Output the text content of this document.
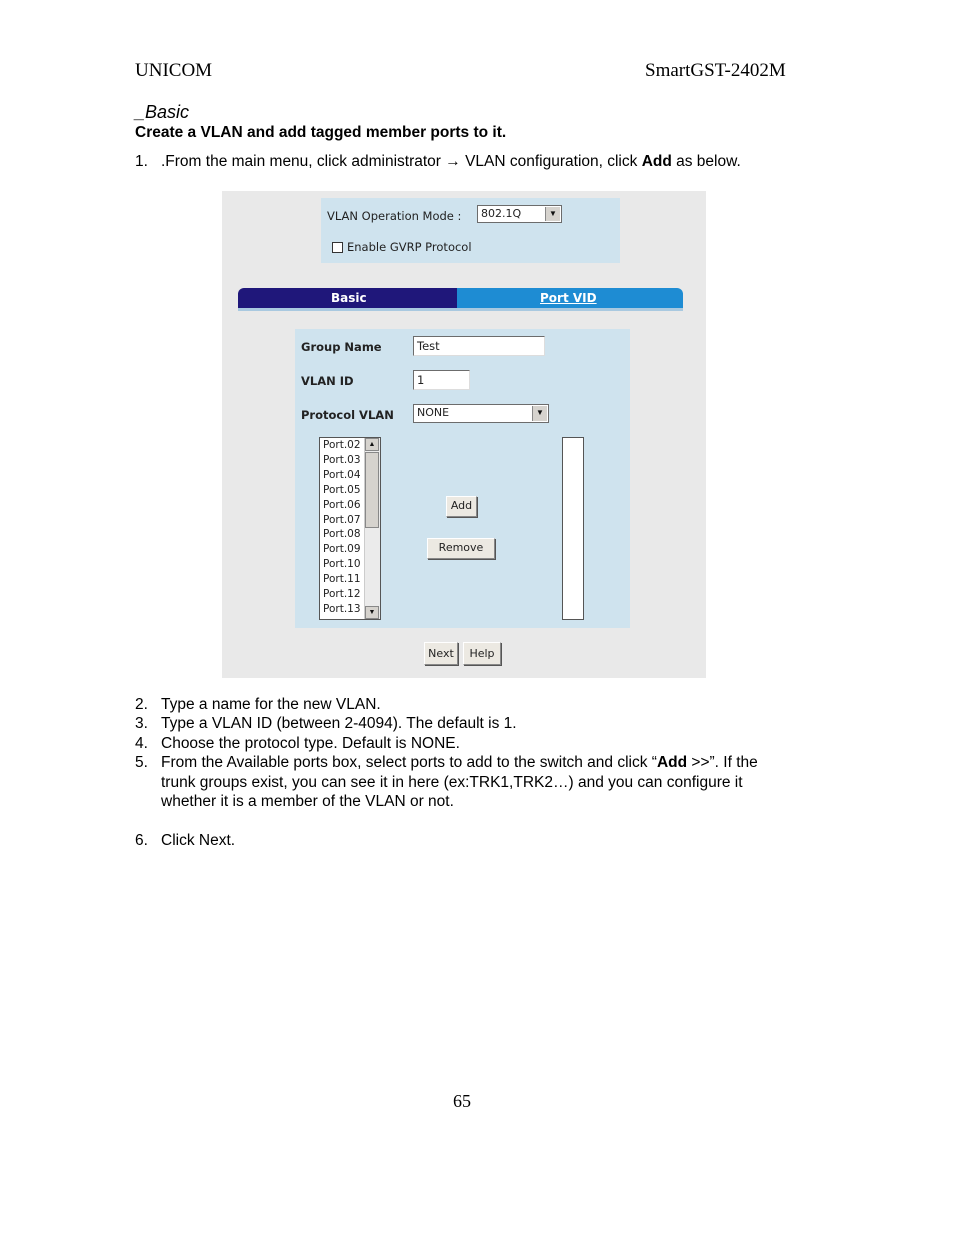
UNICOM	SmartGST-2402M
_Basic
Create a VLAN and add tagged member ports to it.
1. .From the main menu, click administrator → VLAN configuration, click Add as below.
VLAN Operation Mode : 802.1Q	▼
Enable GVRP Protocol
Basic	Port VID
Group Name	Test
VLAN ID	1
Protocol VLAN NONE	▼
Port.02
Port.03
Port.04
Port.05
Port.06
Port.07
Port.08
Port.09
Port.10
Port.11
Port.12
Port.13
▲
▼
Add
Remove
Next	Help
2. Type a name for the new VLAN.
3. Type a VLAN ID (between 2-4094). The default is 1.
4. Choose the protocol type. Default is NONE.
5. From the Available ports box, select ports to add to the switch and click “Add >>”. If the trunk groups exist, you can see it in here (ex:TRK1,TRK2…) and you can configure it whether it is a member of the VLAN or not.
6. Click Next.
65
